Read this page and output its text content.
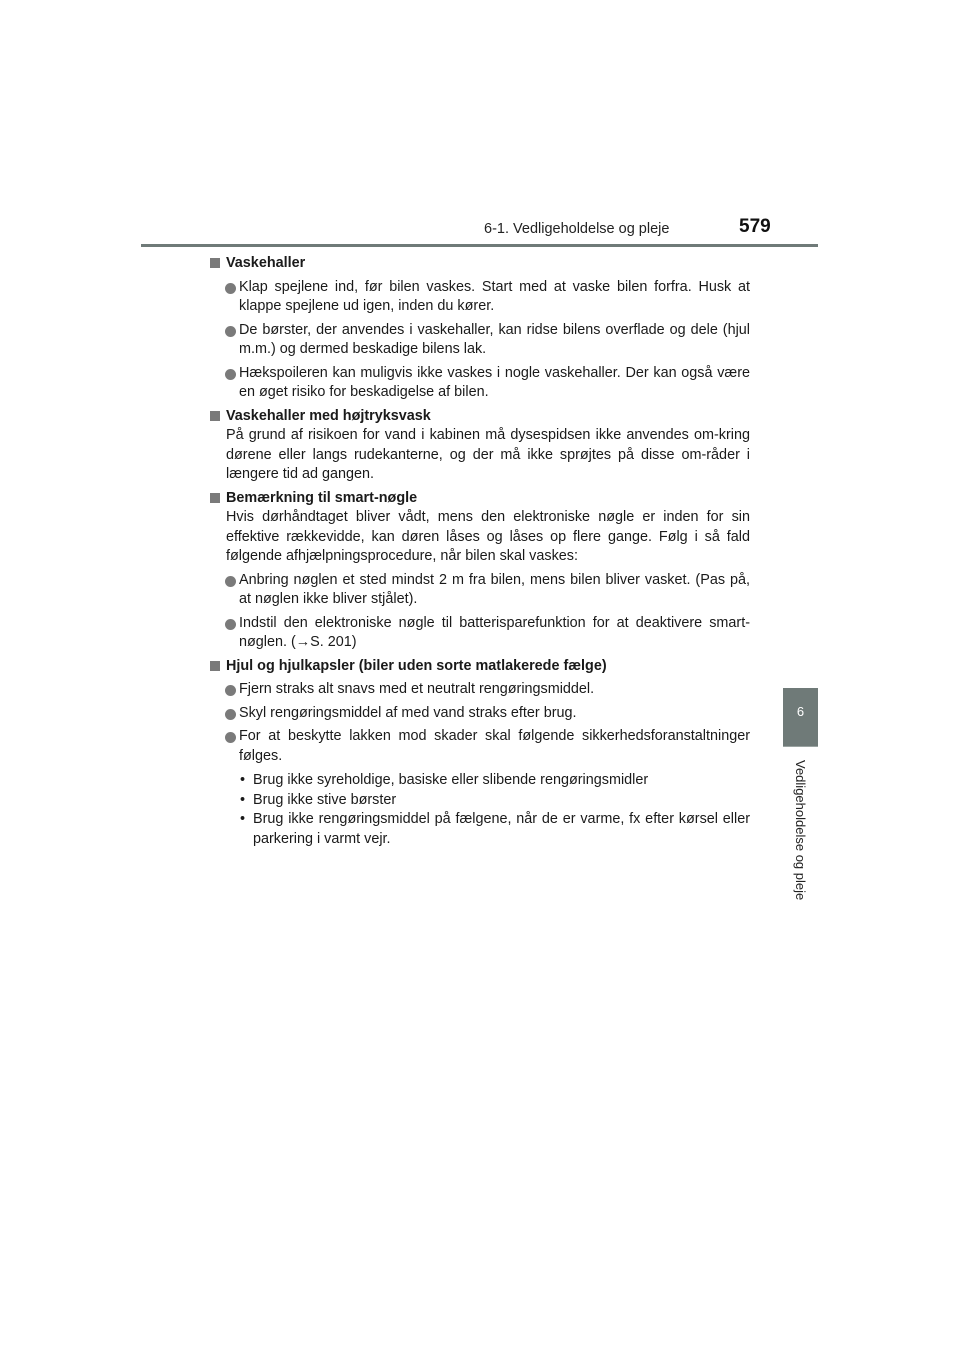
6-1. Vedligeholdelse og pleje	579
6
Vedligeholdelse og pleje
Vaskehaller
Klap spejlene ind, før bilen vaskes. Start med at vaske bilen forfra. Husk at klappe spejlene ud igen, inden du kører.
De børster, der anvendes i vaskehaller, kan ridse bilens overflade og dele (hjul m.m.) og dermed beskadige bilens lak.
Hækspoileren kan muligvis ikke vaskes i nogle vaskehaller. Der kan også være en øget risiko for beskadigelse af bilen.
Vaskehaller med højtryksvask
På grund af risikoen for vand i kabinen må dysespidsen ikke anvendes om-kring dørene eller langs rudekanterne, og der må ikke sprøjtes på disse om-råder i længere tid ad gangen.
Bemærkning til smart-nøgle
Hvis dørhåndtaget bliver vådt, mens den elektroniske nøgle er inden for sin effektive rækkevidde, kan døren låses og låses op flere gange. Følg i så fald følgende afhjælpningsprocedure, når bilen skal vaskes:
Anbring nøglen et sted mindst 2 m fra bilen, mens bilen bliver vasket. (Pas på, at nøglen ikke bliver stjålet).
Indstil den elektroniske nøgle til batterisparefunktion for at deaktivere smart-nøglen. (→S. 201)
Hjul og hjulkapsler (biler uden sorte matlakerede fælge)
Fjern straks alt snavs med et neutralt rengøringsmiddel.
Skyl rengøringsmiddel af med vand straks efter brug.
For at beskytte lakken mod skader skal følgende sikkerhedsforanstaltninger følges.
• Brug ikke syreholdige, basiske eller slibende rengøringsmidler
• Brug ikke stive børster
• Brug ikke rengøringsmiddel på fælgene, når de er varme, fx efter kørsel eller parkering i varmt vejr.
